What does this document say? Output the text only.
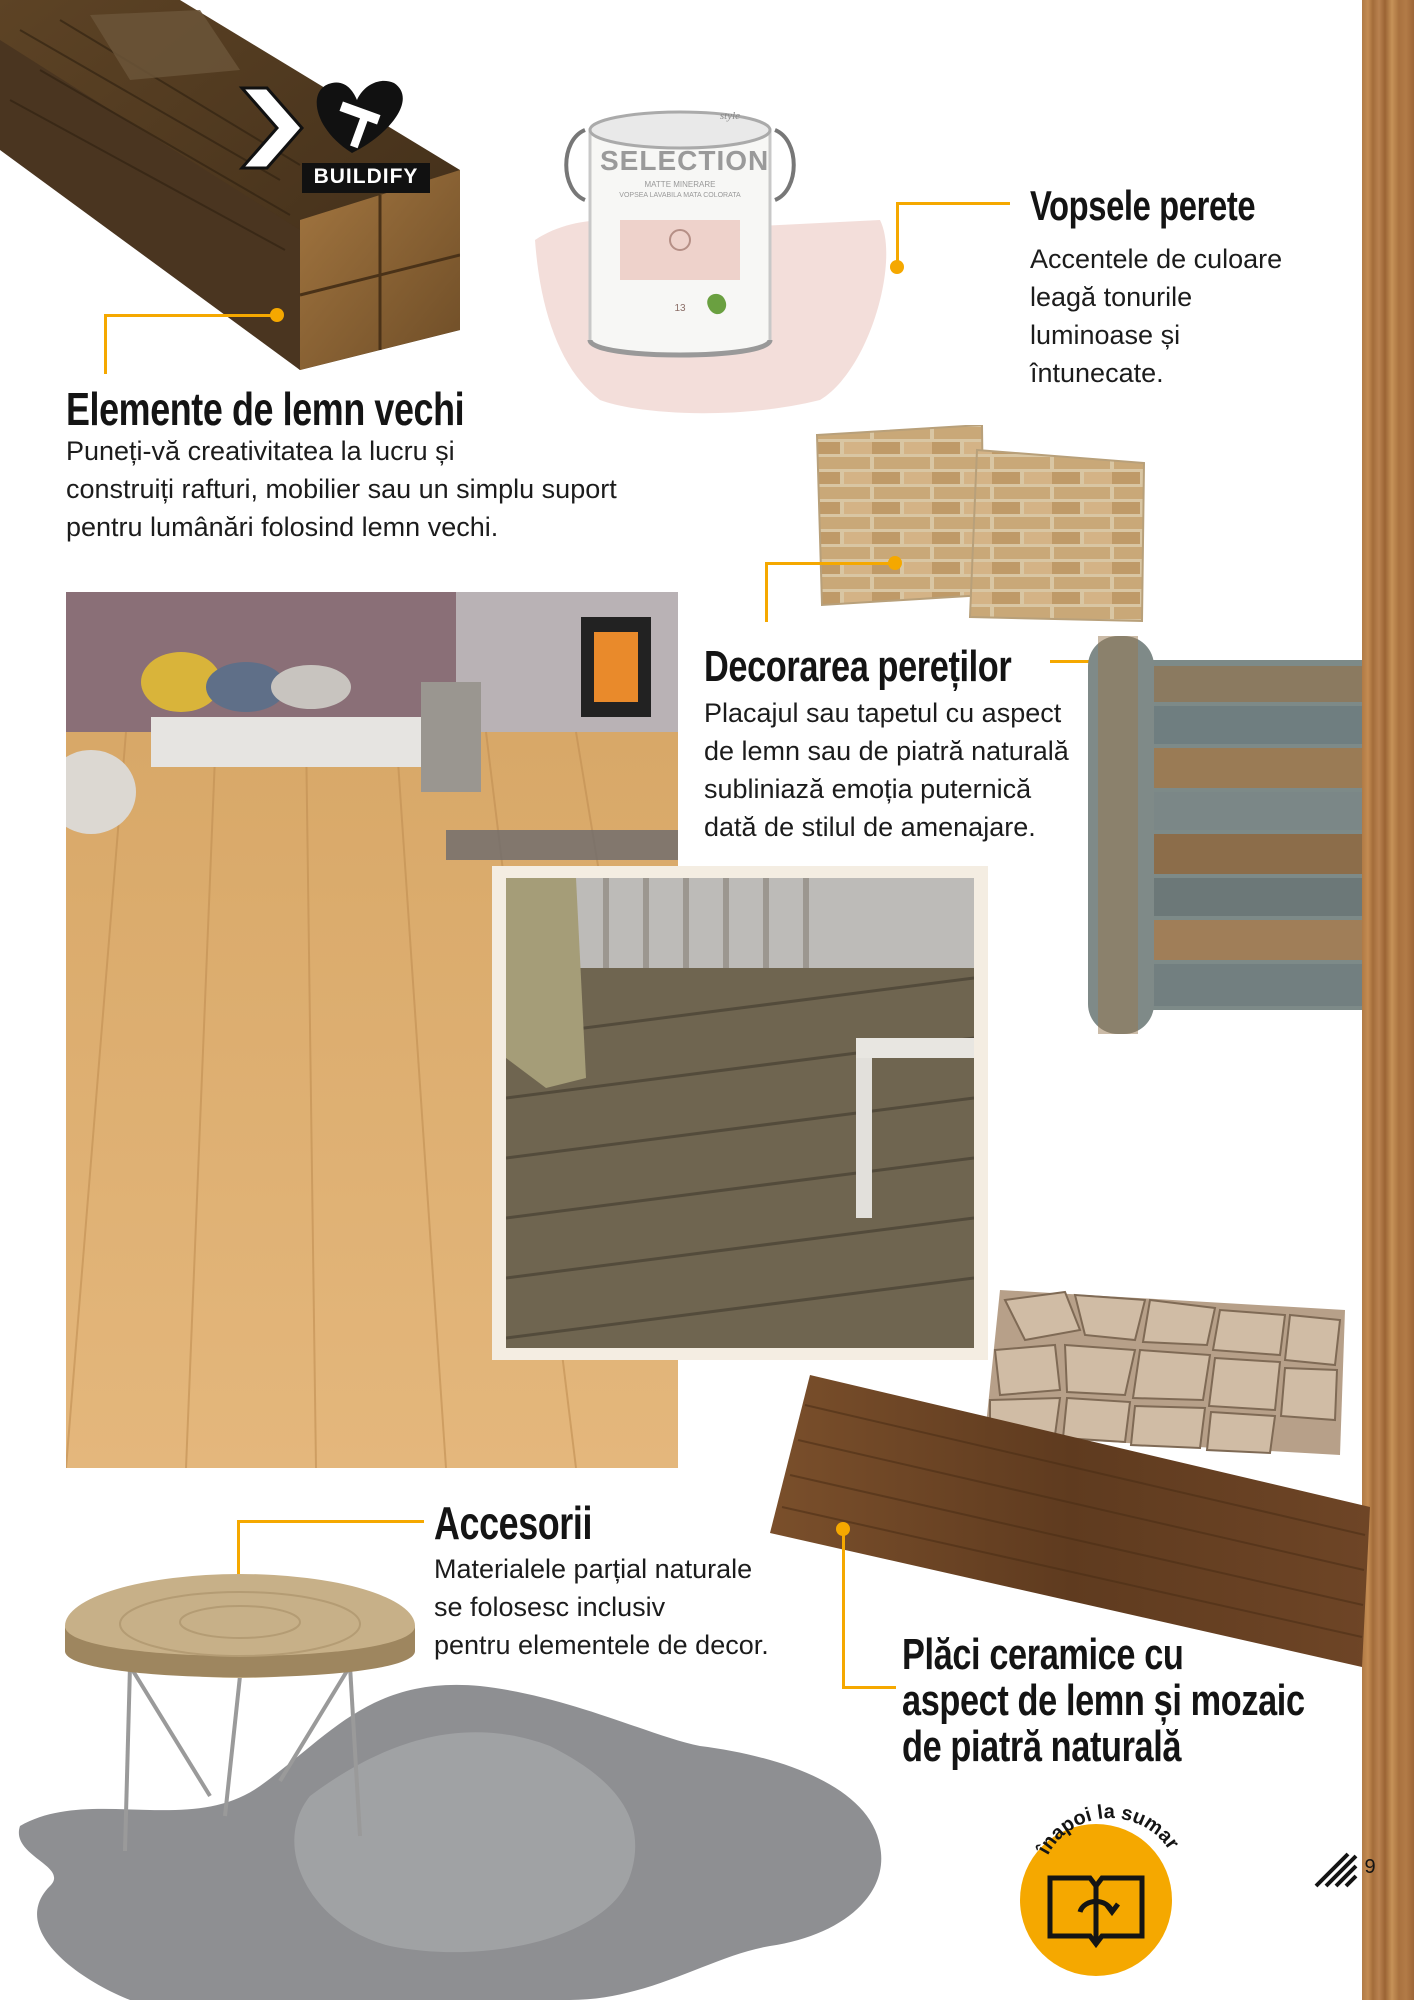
BUILDIFY
style
SELECTION
MATTE MINERARE
VOPSEA LAVABILA MATA COLORATA
13
Vopsele perete
Accentele de culoare
leagă tonurile
luminoase și
întunecate.
Elemente de lemn vechi
Puneți-vă creativitatea la lucru și
construiți rafturi, mobilier sau un simplu suport
pentru lumânări folosind lemn vechi.
Decorarea pereților
Placajul sau tapetul cu aspect
de lemn sau de piatră naturală
subliniază emoția puternică
dată de stilul de amenajare.
Plăci ceramice cu
aspect de lemn și mozaic
de piatră naturală
Accesorii
Materialele parțial naturale
se folosesc inclusiv
pentru elementele de decor.
înapoi la sumar
9
